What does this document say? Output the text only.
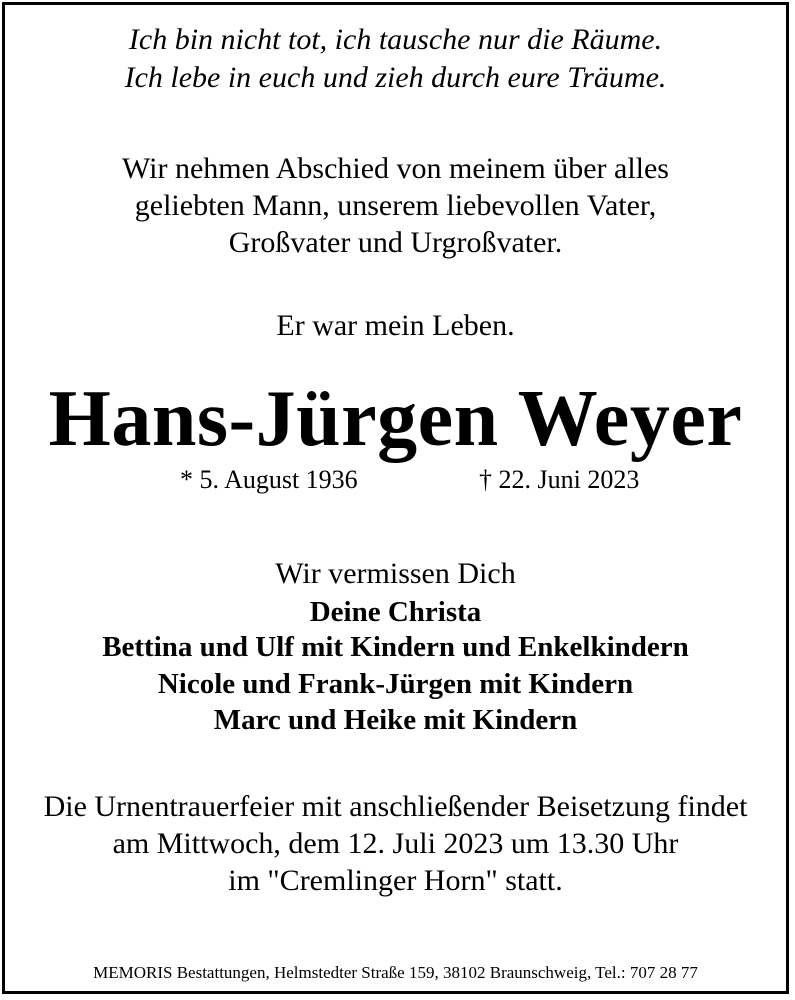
Ich bin nicht tot, ich tausche nur die Räume.
Ich lebe in euch und zieh durch eure Träume.
Wir nehmen Abschied von meinem über alles
geliebten Mann, unserem liebevollen Vater,
Großvater und Urgroßvater.
Er war mein Leben.
Hans-Jürgen Weyer
* 5. August 1936	† 22. Juni 2023
Wir vermissen Dich
Deine Christa
Bettina und Ulf mit Kindern und Enkelkindern
Nicole und Frank-Jürgen mit Kindern
Marc und Heike mit Kindern
Die Urnentrauerfeier mit anschließender Beisetzung findet
am Mittwoch, dem 12. Juli 2023 um 13.30 Uhr
im "Cremlinger Horn" statt.
MEMORIS Bestattungen, Helmstedter Straße 159, 38102 Braunschweig, Tel.: 707 28 77
